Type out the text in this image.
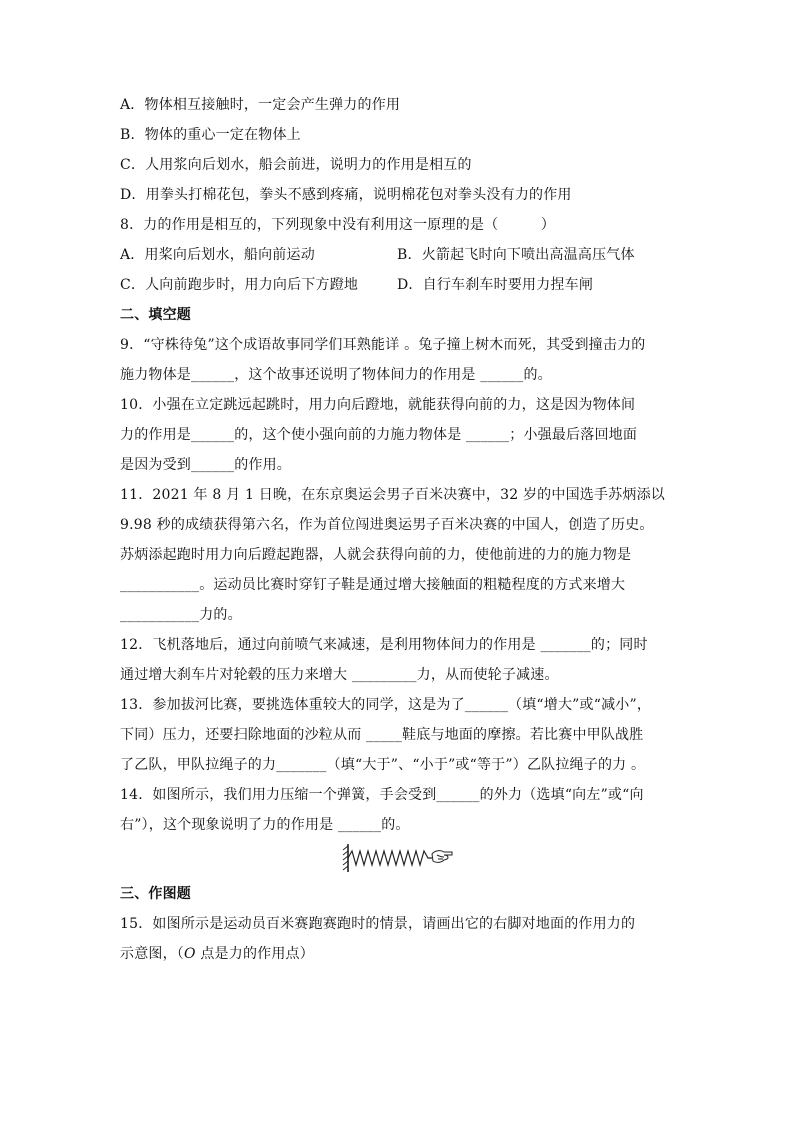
A．物体相互接触时，一定会产生弹力的作用
B．物体的重心一定在物体上
C．人用浆向后划水，船会前进，说明力的作用是相互的
D．用拳头打棉花包，拳头不感到疼痛，说明棉花包对拳头没有力的作用
8．力的作用是相互的，下列现象中没有利用这一原理的是（　　　）
A．用桨向后划水，船向前运动	B．火箭起飞时向下喷出高温高压气体
C．人向前跑步时，用力向后下方蹬地	D．自行车刹车时要用力捏车闸
二、填空题
9．“守株待兔”这个成语故事同学们耳熟能详 。兔子撞上树木而死，其受到撞击力的
施力物体是______，这个故事还说明了物体间力的作用是 ______的。
10．小强在立定跳远起跳时，用力向后蹬地，就能获得向前的力，这是因为物体间
力的作用是______的，这个使小强向前的力施力物体是 ______；小强最后落回地面
是因为受到______的作用。
11．2021 年 8 月 1 日晚，在东京奥运会男子百米决赛中，32 岁的中国选手苏炳添以
9.98 秒的成绩获得第六名，作为首位闯进奥运男子百米决赛的中国人，创造了历史。
苏炳添起跑时用力向后蹬起跑器，人就会获得向前的力，使他前进的力的施力物是
___________。运动员比赛时穿钉子鞋是通过增大接触面的粗糙程度的方式来增大
___________力的。
12．飞机落地后，通过向前喷气来减速，是利用物体间力的作用是 _______的；同时
通过增大刹车片对轮毂的压力来增大 _________力，从而使轮子减速。
13．参加拔河比赛，要挑选体重较大的同学，这是为了______（填“增大”或“减小”，
下同）压力，还要扫除地面的沙粒从而 _____鞋底与地面的摩擦。若比赛中甲队战胜
了乙队，甲队拉绳子的力_______（填“大于”、“小于”或“等于”）乙队拉绳子的力 。
14．如图所示，我们用力压缩一个弹簧，手会受到______的外力（选填“向左”或“向
右”），这个现象说明了力的作用是 ______的。
三、作图题
15．如图所示是运动员百米赛跑赛跑时的情景，请画出它的右脚对地面的作用力的
示意图，（O 点是力的作用点）
